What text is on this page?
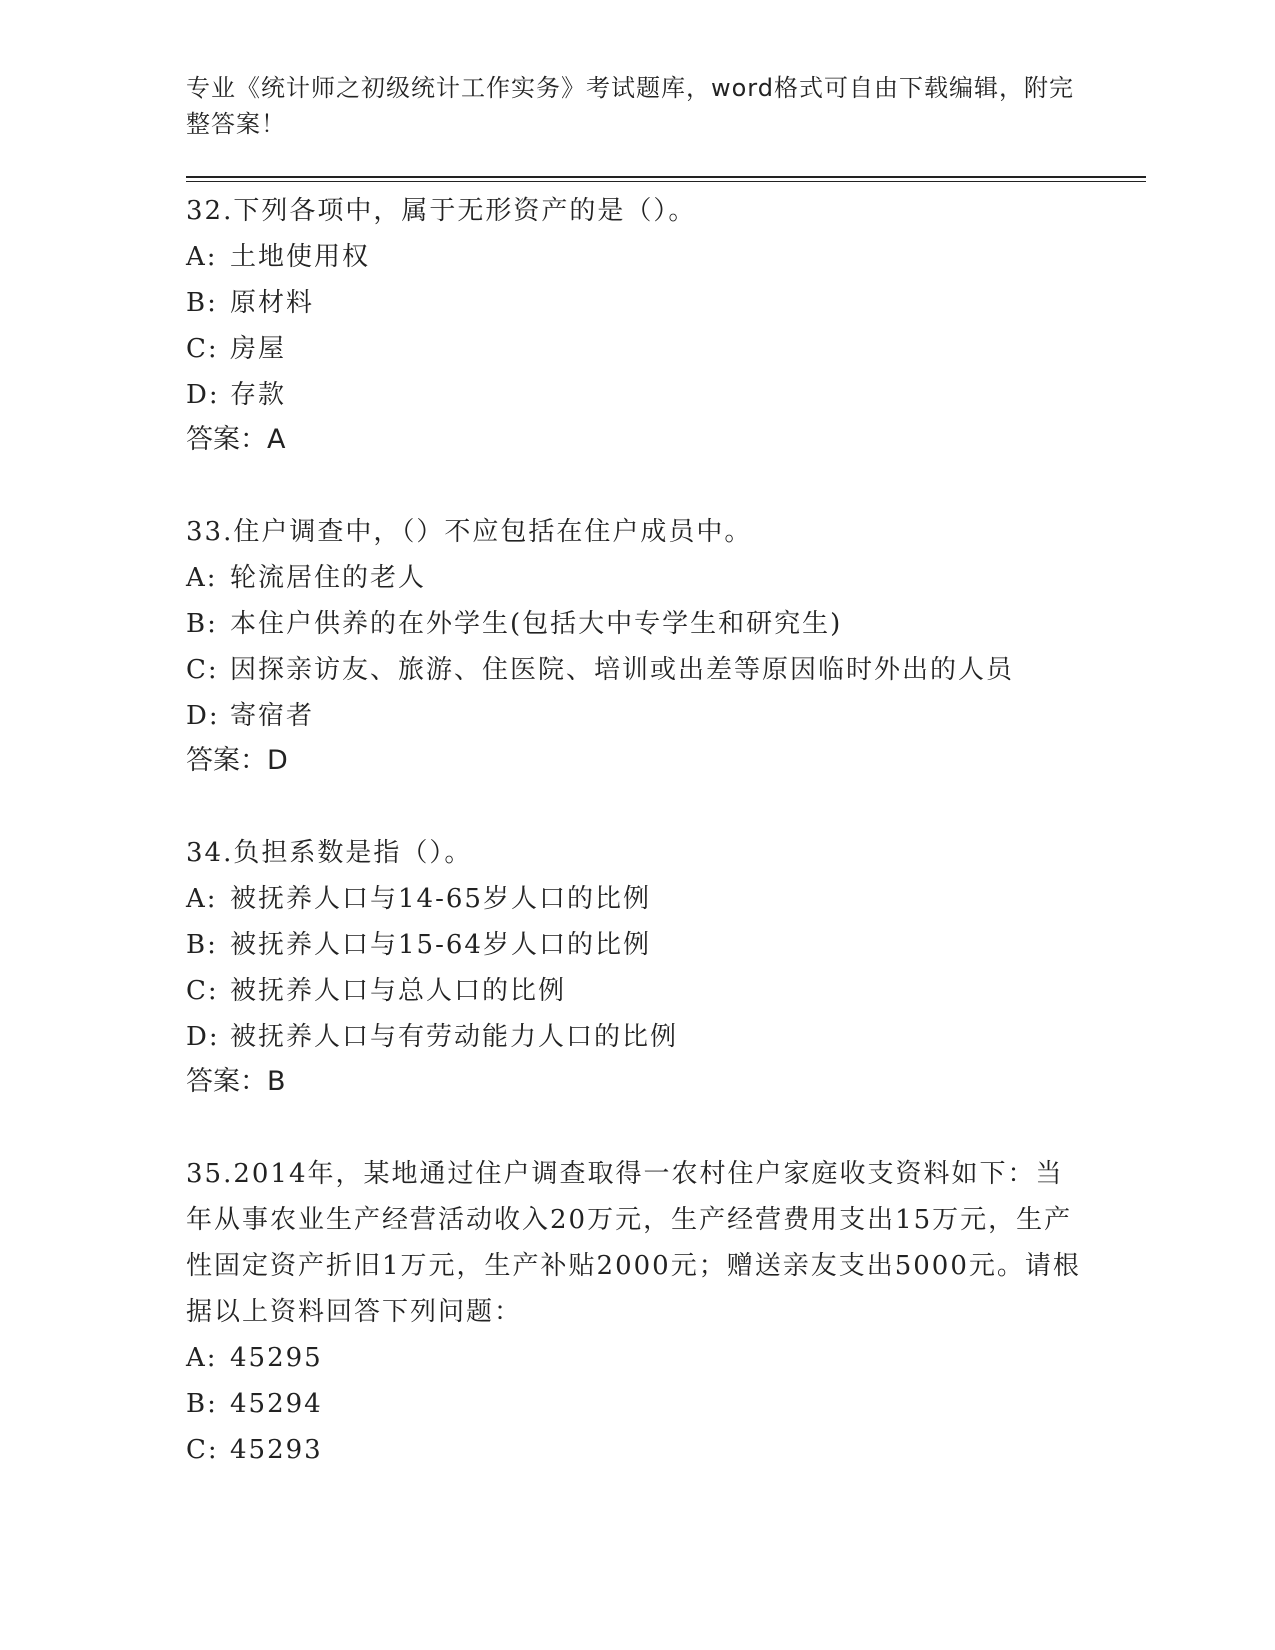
专业《统计师之初级统计工作实务》考试题库，word格式可自由下载编辑，附完整答案！

32.下列各项中，属于无形资产的是（）。

A: 土地使用权

B: 原材料

C: 房屋

D: 存款

答案：A

33.住户调查中，（）不应包括在住户成员中。

A: 轮流居住的老人

B: 本住户供养的在外学生(包括大中专学生和研究生)

C: 因探亲访友、旅游、住医院、培训或出差等原因临时外出的人员

D: 寄宿者

答案：D

34.负担系数是指（）。

A: 被抚养人口与14-65岁人口的比例

B: 被抚养人口与15-64岁人口的比例

C: 被抚养人口与总人口的比例

D: 被抚养人口与有劳动能力人口的比例

答案：B

35.2014年，某地通过住户调查取得一农村住户家庭收支资料如下：当年从事农业生产经营活动收入20万元，生产经营费用支出15万元，生产性固定资产折旧1万元，生产补贴2000元；赠送亲友支出5000元。请根据以上资料回答下列问题：

A: 45295

B: 45294

C: 45293
